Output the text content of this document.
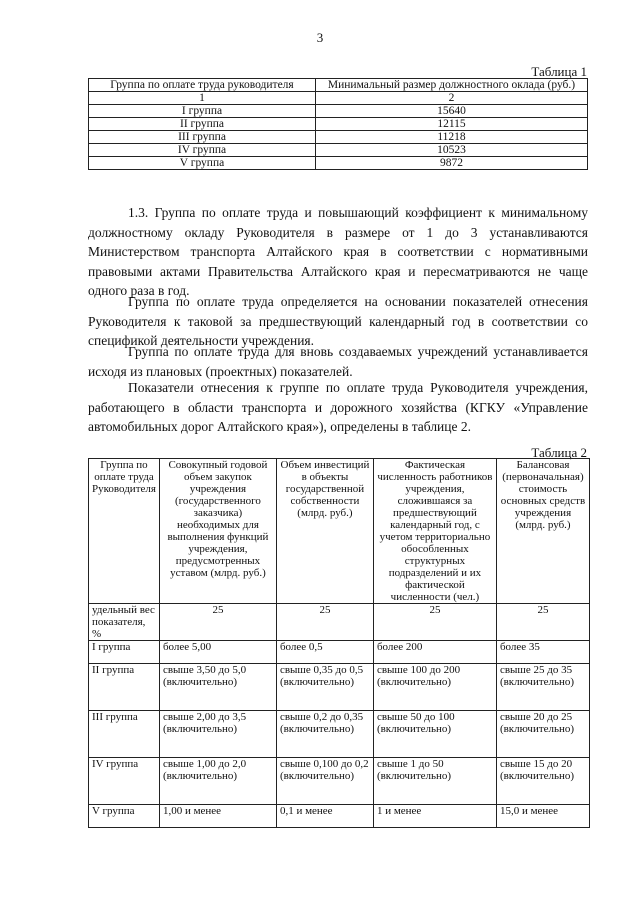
3
Таблица 1
Группа по оплате труда руководителя	Минимальный размер должностного оклада (руб.)
1	2
I группа	15640
II группа	12115
III группа	11218
IV группа	10523
V группа	9872

1.3. Группа по оплате труда и повышающий коэффициент к минимальному должностному окладу Руководителя в размере от 1 до 3 устанавливаются Министерством транспорта Алтайского края в соответствии с нормативными правовыми актами Правительства Алтайского края и пересматриваются не чаще одного раза в год.

Группа по оплате труда определяется на основании показателей отнесения Руководителя к таковой за предшествующий календарный год в соответствии со спецификой деятельности учреждения.

Группа по оплате труда для вновь создаваемых учреждений устанавливается исходя из плановых (проектных) показателей.

Показатели отнесения к группе по оплате труда Руководителя учреждения, работающего в области транспорта и дорожного хозяйства (КГКУ «Управление автомобильных дорог Алтайского края»), определены в таблице 2.

Таблица 2
Группа по оплате труда Руководителя	Совокупный годовой объем закупок учреждения (государственного заказчика) необходимых для выполнения функций учреждения, предусмотренных уставом (млрд. руб.)	Объем инвестиций в объекты государственной собственности (млрд. руб.)	Фактическая численность работников учреждения, сложившаяся за предшествующий календарный год, с учетом территориально обособленных структурных подразделений и их фактической численности (чел.)	Балансовая (первоначальная) стоимость основных средств учреждения (млрд. руб.)
удельный вес показателя, %	25	25	25	25
I группа	более 5,00	более 0,5	более 200	более 35
II группа	свыше 3,50 до 5,0 (включительно)	свыше 0,35 до 0,5 (включительно)	свыше 100 до 200 (включительно)	свыше 25 до 35 (включительно)
III группа	свыше 2,00 до 3,5 (включительно)	свыше 0,2 до 0,35 (включительно)	свыше 50 до 100 (включительно)	свыше 20 до 25 (включительно)
IV группа	свыше 1,00 до 2,0 (включительно)	свыше 0,100 до 0,2 (включительно)	свыше 1 до 50 (включительно)	свыше 15 до 20 (включительно)
V группа	1,00 и менее	0,1 и менее	1 и менее	15,0 и менее
